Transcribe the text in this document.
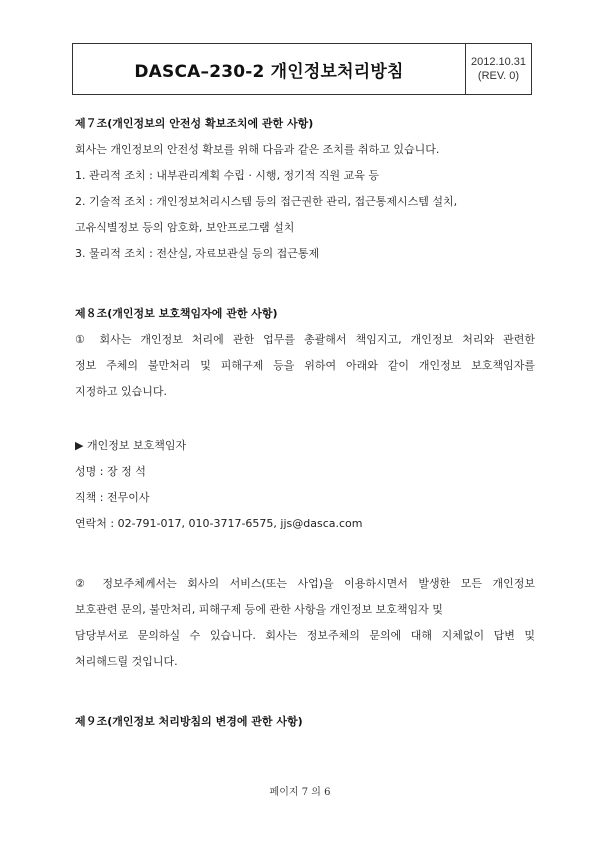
DASCA–230-2 개인정보처리방침	2012.10.31
(REV. 0)
제７조(개인정보의 안전성 확보조치에 관한 사항)
회사는 개인정보의 안전성 확보를 위해 다음과 같은 조치를 취하고 있습니다.
1. 관리적 조치 : 내부관리계획 수립 · 시행, 정기적 직원 교육 등
2. 기술적 조치 : 개인정보처리시스템 등의 접근권한 관리, 접근통제시스템 설치,
고유식별정보 등의 암호화, 보안프로그램 설치
3. 물리적 조치 : 전산실, 자료보관실 등의 접근통제
제８조(개인정보 보호책임자에 관한 사항)
① 회사는 개인정보 처리에 관한 업무를 총괄해서 책임지고, 개인정보 처리와 관련한
정보 주체의 불만처리 및 피해구제 등을 위하여 아래와 같이 개인정보 보호책임자를
지정하고 있습니다.
▶ 개인정보 보호책임자
성명 : 장 정 석
직책 : 전무이사
연락처 : 02-791-017, 010-3717-6575, jjs@dasca.com
② 정보주체께서는 회사의 서비스(또는 사업)을 이용하시면서 발생한 모든 개인정보
보호관련 문의, 불만처리, 피해구제 등에 관한 사항을 개인정보 보호책임자 및
담당부서로 문의하실 수 있습니다. 회사는 정보주체의 문의에 대해 지체없이 답변 및
처리해드릴 것입니다.
제９조(개인정보 처리방침의 변경에 관한 사항)
페이지 7 의 6
